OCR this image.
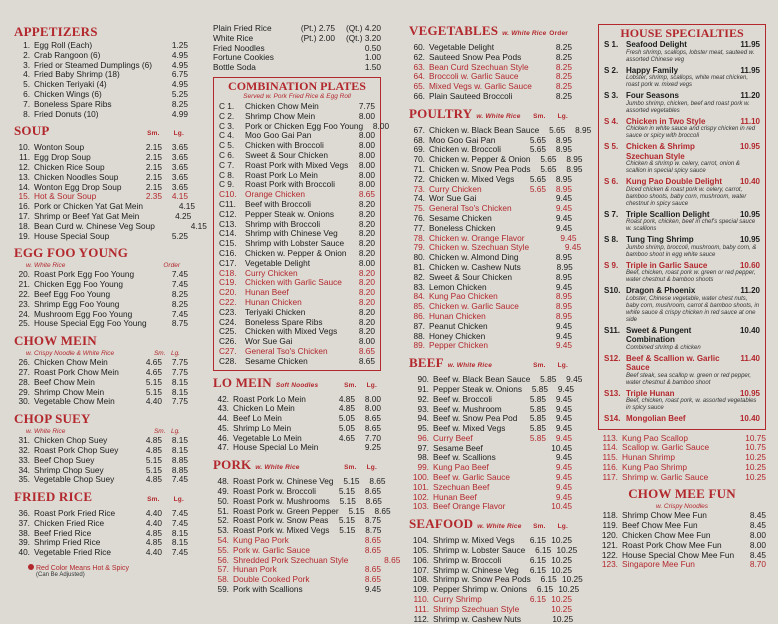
APPETIZERS
1. Egg Roll (Each)	1.25
2. Crab Rangoon (6)	4.95
3. Fried or Steamed Dumplings (6)	4.95
4. Fried Baby Shrimp (18)	6.75
5. Chicken Teriyaki (4)	4.95
6. Chicken Wings (6)	5.25
7. Boneless Spare Ribs	8.25
8. Fried Donuts (10)	4.99
SOUP	Sm. Lg.
10. Wonton Soup	2.15	3.65
11. Egg Drop Soup	2.15	3.65
12. Chicken Rice Soup	2.15	3.65
13. Chicken Noodles Soup	2.15	3.65
14. Wonton Egg Drop Soup	2.15	3.65
15. Hot & Sour Soup	2.35	4.15
16. Pork or Chicken Yat Gat Mein	4.15
17. Shrimp or Beef Yat Gat Mein	4.25
18. Bean Curd w. Chinese Veg Soup	4.15
19. House Special Soup	5.25
EGG FOO YOUNG
w. White Rice	Order
20. Roast Pork Egg Foo Young	7.45
21. Chicken Egg Foo Young	7.45
22. Beef Egg Foo Young	8.25
23. Shrimp Egg Foo Young	8.25
24. Mushroom Egg Foo Young	7.45
25. House Special Egg Foo Young	8.75
CHOW MEIN
w. Crispy Noodle & White Rice	Sm. Lg.
26. Chicken Chow Mein	4.65	7.75
27. Roast Pork Chow Mein	4.65	7.75
28. Beef Chow Mein	5.15	8.15
29. Shrimp Chow Mein	5.15	8.15
30. Vegetable Chow Mein	4.40	7.75
CHOP SUEY
w. White Rice	Sm. Lg.
31. Chicken Chop Suey	4.85	8.15
32. Roast Pork Chop Suey	4.85	8.15
33. Beef Chop Suey	5.15	8.85
34. Shrimp Chop Suey	5.15	8.85
35. Vegetable Chop Suey	4.85	7.45
FRIED RICE	Sm. Lg.
36. Roast Pork Fried Rice	4.40	7.45
37. Chicken Fried Rice	4.40	7.45
38. Beef Fried Rice	4.85	8.15
39. Shrimp Fried Rice	4.85	8.15
40. Vegetable Fried Rice	4.40	7.45
Red Color Means Hot & Spicy
(Can Be Adjusted)
Plain Fried Rice	(Pt.) 2.75	(Qt.) 4.20
White Rice	(Pt.) 2.00	(Qt.) 3.20
Fried Noodles	0.50
Fortune Cookies	1.00
Bottle Soda	1.50
COMBINATION PLATES
Served w. Pork Fried Rice & Egg Roll
C 1.	Chicken Chow Mein	7.75
C 2.	Shrimp Chow Mein	8.00
C 3.	Pork or Chicken Egg Foo Young	8.00
C 4.	Moo Goo Gai Pan	8.00
C 5.	Chicken with Broccoli	8.00
C 6.	Sweet & Sour Chicken	8.00
C 7.	Roast Pork with Mixed Vegs	8.00
C 8.	Roast Pork Lo Mein	8.00
C 9.	Roast Pork with Broccoli	8.00
C10.	Orange Chicken	8.65
C11.	Beef with Broccoli	8.20
C12.	Pepper Steak w. Onions	8.20
C13.	Shrimp with Broccoli	8.20
C14.	Shrimp with Chinese Veg	8.20
C15.	Shrimp with Lobster Sauce	8.20
C16.	Chicken w. Pepper & Onion	8.20
C17.	Vegetable Delight	8.00
C18.	Curry Chicken	8.20
C19.	Chicken with Garlic Sauce	8.20
C20.	Hunan Beef	8.20
C22.	Hunan Chicken	8.20
C23.	Teriyaki Chicken	8.20
C24.	Boneless Spare Ribs	8.20
C25.	Chicken with Mixed Vegs	8.20
C26.	Wor Sue Gai	8.00
C27.	General Tso's Chicken	8.65
C28.	Sesame Chicken	8.65
LO MEIN Soft Noodles	Sm. Lg.
42. Roast Pork Lo Mein	4.85	8.00
43. Chicken Lo Mein	4.85	8.00
44. Beef Lo Mein	5.05	8.65
45. Shrimp Lo Mein	5.05	8.65
46. Vegetable Lo Mein	4.65	7.70
47. House Special Lo Mein	9.25
PORK w. White Rice	Sm. Lg.
48. Roast Pork w. Chinese Veg	5.15	8.65
49. Roast Pork w. Broccoli	5.15	8.65
50. Roast Pork w. Mushrooms	5.15	8.65
51. Roast Pork w. Green Pepper	5.15	8.65
52. Roast Pork w. Snow Peas	5.15	8.75
53. Roast Pork w. Mixed Vegs	5.15	8.75
54. Kung Pao Pork	8.65
55. Pork w. Garlic Sauce	8.65
56. Shredded Pork Szechuan Style	8.65
57. Hunan Pork	8.65
58. Double Cooked Pork	8.65
59. Pork with Scallions	9.45
VEGETABLES w. White Rice Order
60. Vegetable Delight	8.25
62. Sauteed Snow Pea Pods	8.25
63. Bean Curd Szechuan Style	8.25
64. Broccoli w. Garlic Sauce	8.25
65. Mixed Vegs w. Garlic Sauce	8.25
66. Plain Sauteed Broccoli	8.25
POULTRY w. White Rice Sm. Lg.
67. Chicken w. Black Bean Sauce	5.65	8.95
68. Moo Goo Gai Pan	5.65	8.95
69. Chicken w. Broccoli	5.65	8.95
70. Chicken w. Pepper & Onion	5.65	8.95
71. Chicken w. Snow Pea Pods	5.65	8.95
72. Chicken w. Mixed Vegs	5.65	8.95
73. Curry Chicken	5.65	8.95
74. Wor Sue Gai	9.45
75. General Tso's Chicken	9.45
76. Sesame Chicken	9.45
77. Boneless Chicken	9.45
78. Chicken w. Orange Flavor	9.45
79. Chicken w. Szechuan Style	9.45
80. Chicken w. Almond Ding	8.95
81. Chicken w. Cashew Nuts	8.95
82. Sweet & Sour Chicken	8.95
83. Lemon Chicken	9.45
84. Kung Pao Chicken	8.95
85. Chicken w. Garlic Sauce	8.95
86. Hunan Chicken	8.95
87. Peanut Chicken	9.45
88. Honey Chicken	9.45
89. Pepper Chicken	9.45
BEEF w. White Rice	Sm. Lg.
90. Beef w. Black Bean Sauce	5.85	9.45
91. Pepper Steak w. Onions	5.85	9.45
92. Beef w. Broccoli	5.85	9.45
93. Beef w. Mushroom	5.85	9.45
94. Beef w. Snow Pea Pod	5.85	9.45
95. Beef w. Mixed Vegs	5.85	9.45
96. Curry Beef	5.85	9.45
97. Sesame Beef	10.45
98. Beef w. Scallions	9.45
99. Kung Pao Beef	9.45
100. Beef w. Garlic Sauce	9.45
101. Szechuan Beef	9.45
102. Hunan Beef	9.45
103. Beef Orange Flavor	10.45
SEAFOOD w. White Rice Sm. Lg.
104. Shrimp w. Mixed Vegs	6.15 10.25
105. Shrimp w. Lobster Sauce	6.15 10.25
106. Shrimp w. Broccoli	6.15 10.25
107. Shrimp w. Chinese Veg	6.15 10.25
108. Shrimp w. Snow Pea Pods	6.15 10.25
109. Pepper Shrimp w. Onions	6.15 10.25
110. Curry Shrimp	6.15 10.25
111. Shrimp Szechuan Style	10.25
112. Shrimp w. Cashew Nuts	10.25
HOUSE SPECIALTIES
S 1. Seafood Delight	11.95
Fresh shrimp, scallops, lobster meat, sauteed w. assorted Chinese veg
S 2. Happy Family	11.95
Lobster, shrimp, scallops, white meat chicken, roast pork w. mixed vegs
S 3. Four Seasons	11.20
Jumbo shrimp, chicken, beef and roast pork w. assorted vegetables
S 4. Chicken in Two Style	11.10
Chicken in white sauce and crispy chicken in red sauce or spicy with broccoli
S 5. Chicken & Shrimp Szechuan Style
10.95
Chicken & shrimp w. celery, carrot, onion & scallion in special spicy sauce
S 6. Kung Pao Double Delight	10.40
Diced chicken & roast pork w. celery, carrot, bamboo shoots, baby corn, mushroom, water chestnut in spicy sauce
S 7. Triple Scallion Delight	10.95
Roast pork, chicken, beef in chef's special sauce w. scallions
S 8. Tung Ting Shrimp	10.95
Jumbo shrimp, broccoli, mushroom, baby corn, & bamboo shoot in egg white sauce
S 9. Triple in Garlic Sauce	10.60
Beef, chicken, roast pork w. green or red pepper, water chestnut & bamboo shoots
S10. Dragon & Phoenix	11.20
Lobster, Chinese vegetable, water chest nuts, baby corn, mushroom, carrot & bamboo shoots, in white sauce & crispy chicken in red sauce at one side
S11. Sweet & Pungent Combination
10.40
Combined shrimp & chicken
S12. Beef & Scallion w. Garlic Sauce
11.40
Beef steak, sea scallop w. green or red pepper, water chestnut & bamboo shoot
S13. Triple Hunan	10.95
Beef, chicken, roast pork, w. assorted vegetables in spicy sauce
S14. Mongolian Beef	10.40
113. Kung Pao Scallop	10.75
114. Scallop w. Garlic Sauce	10.75
115. Hunan Shrimp	10.25
116. Kung Pao Shrimp	10.25
117. Shrimp w. Garlic Sauce	10.25
CHOW MEE FUN
w. Crispy Noodles
118. Shrimp Chow Mee Fun	8.45
119. Beef Chow Mee Fun	8.45
120. Chicken Chow Mee Fun	8.00
121. Roast Pork Chow Mee Fun	8.00
122. House Special Chow Mee Fun	8.45
123. Singapore Mee Fun	8.70
